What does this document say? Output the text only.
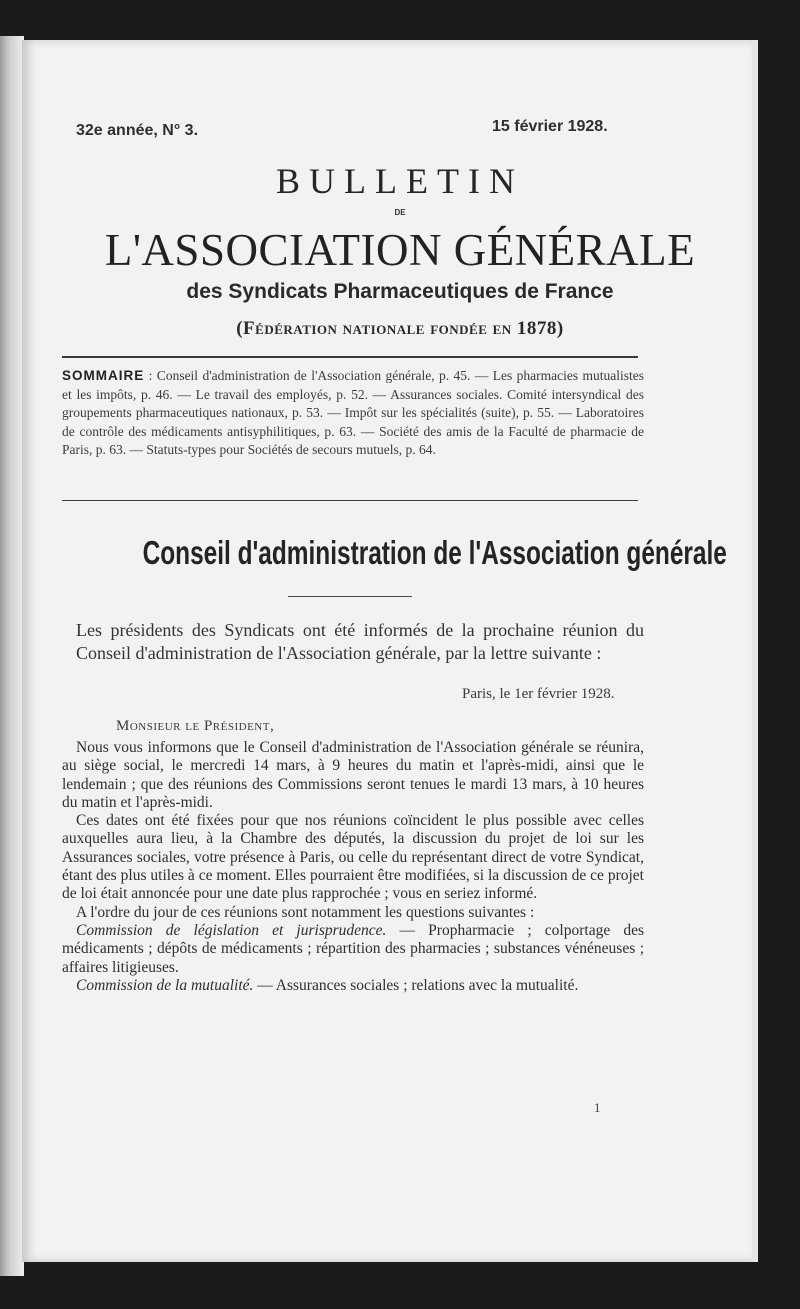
32e année, N° 3.	15 février 1928.
BULLETIN
DE
L'ASSOCIATION GÉNÉRALE
des Syndicats Pharmaceutiques de France
(Fédération nationale fondée en 1878)
SOMMAIRE : Conseil d'administration de l'Association générale, p. 45. — Les pharmacies mutualistes et les impôts, p. 46. — Le travail des employés, p. 52. — Assurances sociales. Comité intersyndical des groupements pharmaceutiques nationaux, p. 53. — Impôt sur les spécialités (suite), p. 55. — Laboratoires de contrôle des médicaments antisyphilitiques, p. 63. — Société des amis de la Faculté de pharmacie de Paris, p. 63. — Statuts-types pour Sociétés de secours mutuels, p. 64.
Conseil d'administration de l'Association générale
Les présidents des Syndicats ont été informés de la prochaine réunion du Conseil d'administration de l'Association générale, par la lettre suivante :
Paris, le 1er février 1928.
Monsieur le Président,

Nous vous informons que le Conseil d'administration de l'Association générale se réunira, au siège social, le mercredi 14 mars, à 9 heures du matin et l'après-midi, ainsi que le lendemain ; que des réunions des Commissions seront tenues le mardi 13 mars, à 10 heures du matin et l'après-midi.

Ces dates ont été fixées pour que nos réunions coïncident le plus possible avec celles auxquelles aura lieu, à la Chambre des députés, la discussion du projet de loi sur les Assurances sociales, votre présence à Paris, ou celle du représentant direct de votre Syndicat, étant des plus utiles à ce moment. Elles pourraient être modifiées, si la discussion de ce projet de loi était annoncée pour une date plus rapprochée ; vous en seriez informé.

A l'ordre du jour de ces réunions sont notamment les questions suivantes :

Commission de législation et jurisprudence. — Propharmacie ; colportage des médicaments ; dépôts de médicaments ; répartition des pharmacies ; substances vénéneuses ; affaires litigieuses.

Commission de la mutualité. — Assurances sociales ; relations avec la mutualité.

1
